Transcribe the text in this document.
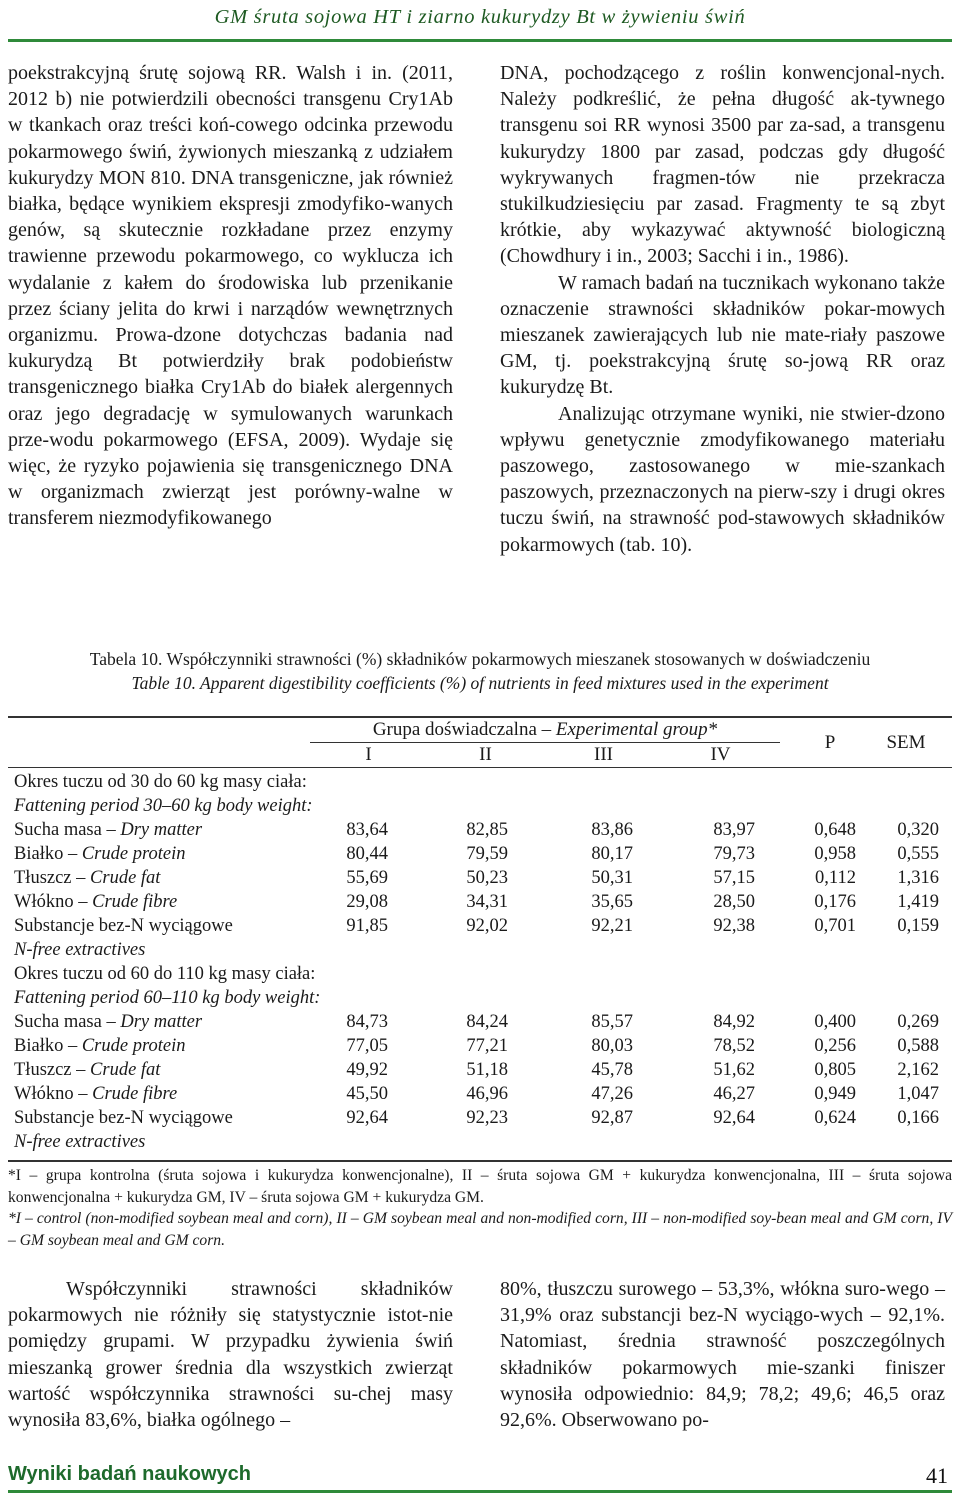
GM śruta sojowa HT i ziarno kukurydzy Bt w żywieniu świń

poekstrakcyjną śrutę sojową RR. Walsh i in. (2011, 2012 b) nie potwierdzili obecności transgenu Cry1Ab w tkankach oraz treści koń-cowego odcinka przewodu pokarmowego świń, żywionych mieszanką z udziałem kukurydzy MON 810. DNA transgeniczne, jak również białka, będące wynikiem ekspresji zmodyfiko-wanych genów, są skutecznie rozkładane przez enzymy trawienne przewodu pokarmowego, co wyklucza ich wydalanie z kałem do środowiska lub przenikanie przez ściany jelita do krwi i narządów wewnętrznych organizmu. Prowa-dzone dotychczas badania nad kukurydzą Bt potwierdziły brak podobieństw transgenicznego białka Cry1Ab do białek alergennych oraz jego degradację w symulowanych warunkach prze-wodu pokarmowego (EFSA, 2009). Wydaje się więc, że ryzyko pojawienia się transgenicznego DNA w organizmach zwierząt jest porówny-walne w transferem niezmodyfikowanego

DNA, pochodzącego z roślin konwencjonal-nych. Należy podkreślić, że pełna długość ak-tywnego transgenu soi RR wynosi 3500 par za-sad, a transgenu kukurydzy 1800 par zasad, podczas gdy długość wykrywanych fragmen-tów nie przekracza stukilkudziesięciu par zasad. Fragmenty te są zbyt krótkie, aby wykazywać aktywność biologiczną (Chowdhury i in., 2003; Sacchi i in., 1986).

W ramach badań na tucznikach wykonano także oznaczenie strawności składników pokar-mowych mieszanek zawierających lub nie mate-riały paszowe GM, tj. poekstrakcyjną śrutę so-jową RR oraz kukurydzę Bt.

Analizując otrzymane wyniki, nie stwier-dzono wpływu genetycznie zmodyfikowanego materiału paszowego, zastosowanego w mie-szankach paszowych, przeznaczonych na pierw-szy i drugi okres tuczu świń, na strawność pod-stawowych składników pokarmowych (tab. 10).

Tabela 10. Współczynniki strawności (%) składników pokarmowych mieszanek stosowanych w doświadczeniu
Table 10. Apparent digestibility coefficients (%) of nutrients in feed mixtures used in the experiment
Grupa doświadczalna – Experimental group*
I	II	III	IV
P	SEM
Okres tuczu od 30 do 60 kg masy ciała:
Fattening period 30–60 kg body weight:
Sucha masa – Dry matter	83,64	82,85	83,86	83,97	0,648	0,320
Białko – Crude protein	80,44	79,59	80,17	79,73	0,958	0,555
Tłuszcz – Crude fat	55,69	50,23	50,31	57,15	0,112	1,316
Włókno – Crude fibre	29,08	34,31	35,65	28,50	0,176	1,419
Substancje bez-N wyciągowe	91,85	92,02	92,21	92,38	0,701	0,159
N-free extractives
Okres tuczu od 60 do 110 kg masy ciała:
Fattening period 60–110 kg body weight:
Sucha masa – Dry matter	84,73	84,24	85,57	84,92	0,400	0,269
Białko – Crude protein	77,05	77,21	80,03	78,52	0,256	0,588
Tłuszcz – Crude fat	49,92	51,18	45,78	51,62	0,805	2,162
Włókno – Crude fibre	45,50	46,96	47,26	46,27	0,949	1,047
Substancje bez-N wyciągowe	92,64	92,23	92,87	92,64	0,624	0,166
N-free extractives
*I – grupa kontrolna (śruta sojowa i kukurydza konwencjonalne), II – śruta sojowa GM + kukurydza konwencjonalna, III – śruta sojowa konwencjonalna + kukurydza GM, IV – śruta sojowa GM + kukurydza GM.
*I – control (non-modified soybean meal and corn), II – GM soybean meal and non-modified corn, III – non-modified soy-bean meal and GM corn, IV – GM soybean meal and GM corn.

Współczynniki strawności składników pokarmowych nie różniły się statystycznie istot-nie pomiędzy grupami. W przypadku żywienia świń mieszanką grower średnia dla wszystkich zwierząt wartość współczynnika strawności su-chej masy wynosiła 83,6%, białka ogólnego –

80%, tłuszczu surowego – 53,3%, włókna suro-wego – 31,9% oraz substancji bez-N wyciągo-wych – 92,1%. Natomiast, średnia strawność poszczególnych składników pokarmowych mie-szanki finiszer wynosiła odpowiednio: 84,9; 78,2; 49,6; 46,5 oraz 92,6%. Obserwowano po-

Wyniki badań naukowych	41
